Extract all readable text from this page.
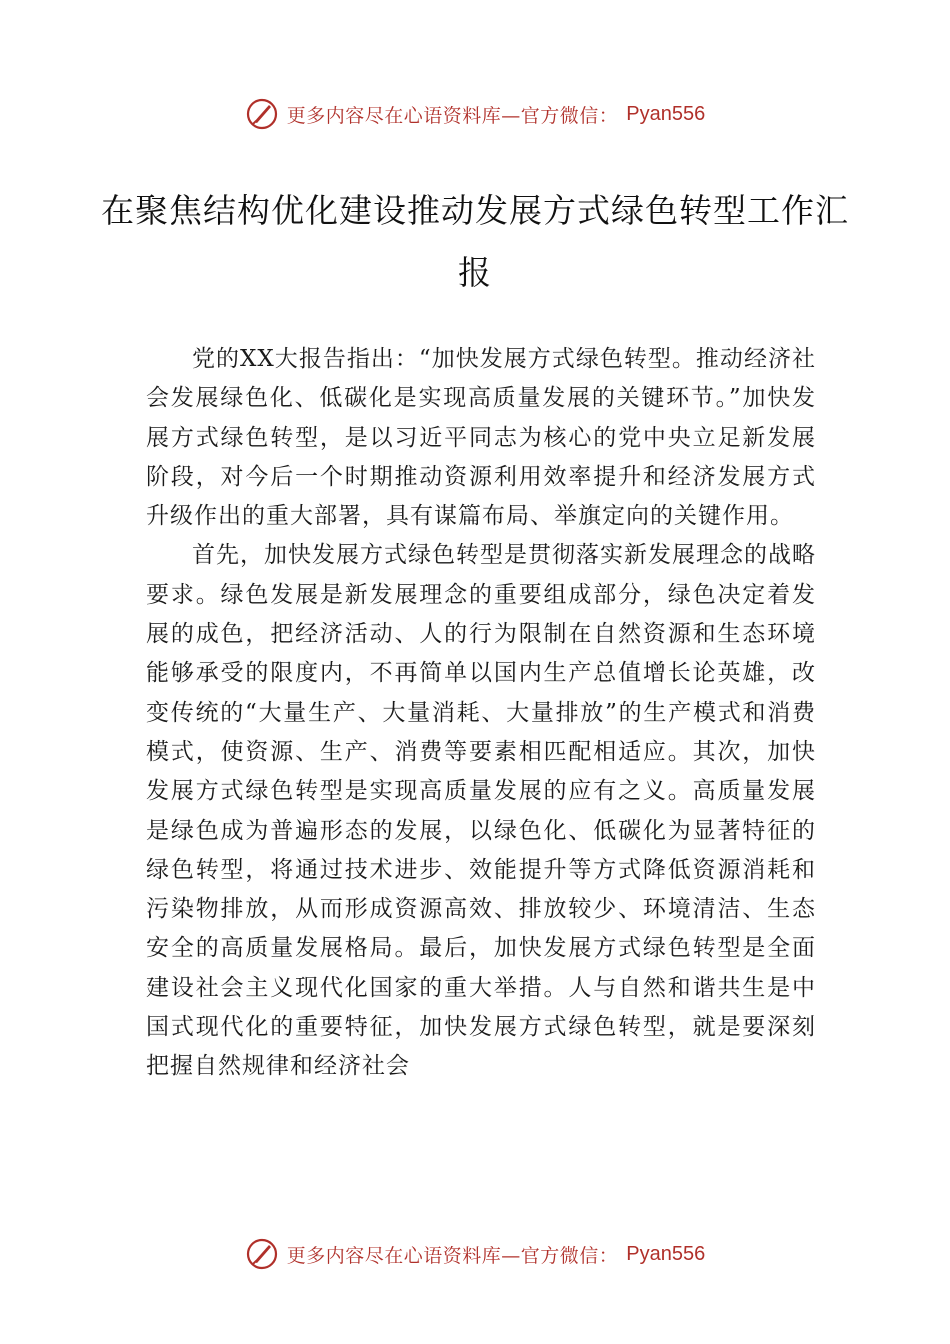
更多内容尽在心语资料库—官方微信： Pyan556
在聚焦结构优化建设推动发展方式绿色转型工作汇报

党的XX大报告指出：“加快发展方式绿色转型。推动经济社会发展绿色化、低碳化是实现高质量发展的关键环节。”加快发展方式绿色转型，是以习近平同志为核心的党中央立足新发展阶段，对今后一个时期推动资源利用效率提升和经济发展方式升级作出的重大部署，具有谋篇布局、举旗定向的关键作用。

首先，加快发展方式绿色转型是贯彻落实新发展理念的战略要求。绿色发展是新发展理念的重要组成部分，绿色决定着发展的成色，把经济活动、人的行为限制在自然资源和生态环境能够承受的限度内，不再简单以国内生产总值增长论英雄，改变传统的“大量生产、大量消耗、大量排放”的生产模式和消费模式，使资源、生产、消费等要素相匹配相适应。其次，加快发展方式绿色转型是实现高质量发展的应有之义。高质量发展是绿色成为普遍形态的发展，以绿色化、低碳化为显著特征的绿色转型，将通过技术进步、效能提升等方式降低资源消耗和污染物排放，从而形成资源高效、排放较少、环境清洁、生态安全的高质量发展格局。最后，加快发展方式绿色转型是全面建设社会主义现代化国家的重大举措。人与自然和谐共生是中国式现代化的重要特征，加快发展方式绿色转型，就是要深刻把握自然规律和经济社会

更多内容尽在心语资料库—官方微信： Pyan556
